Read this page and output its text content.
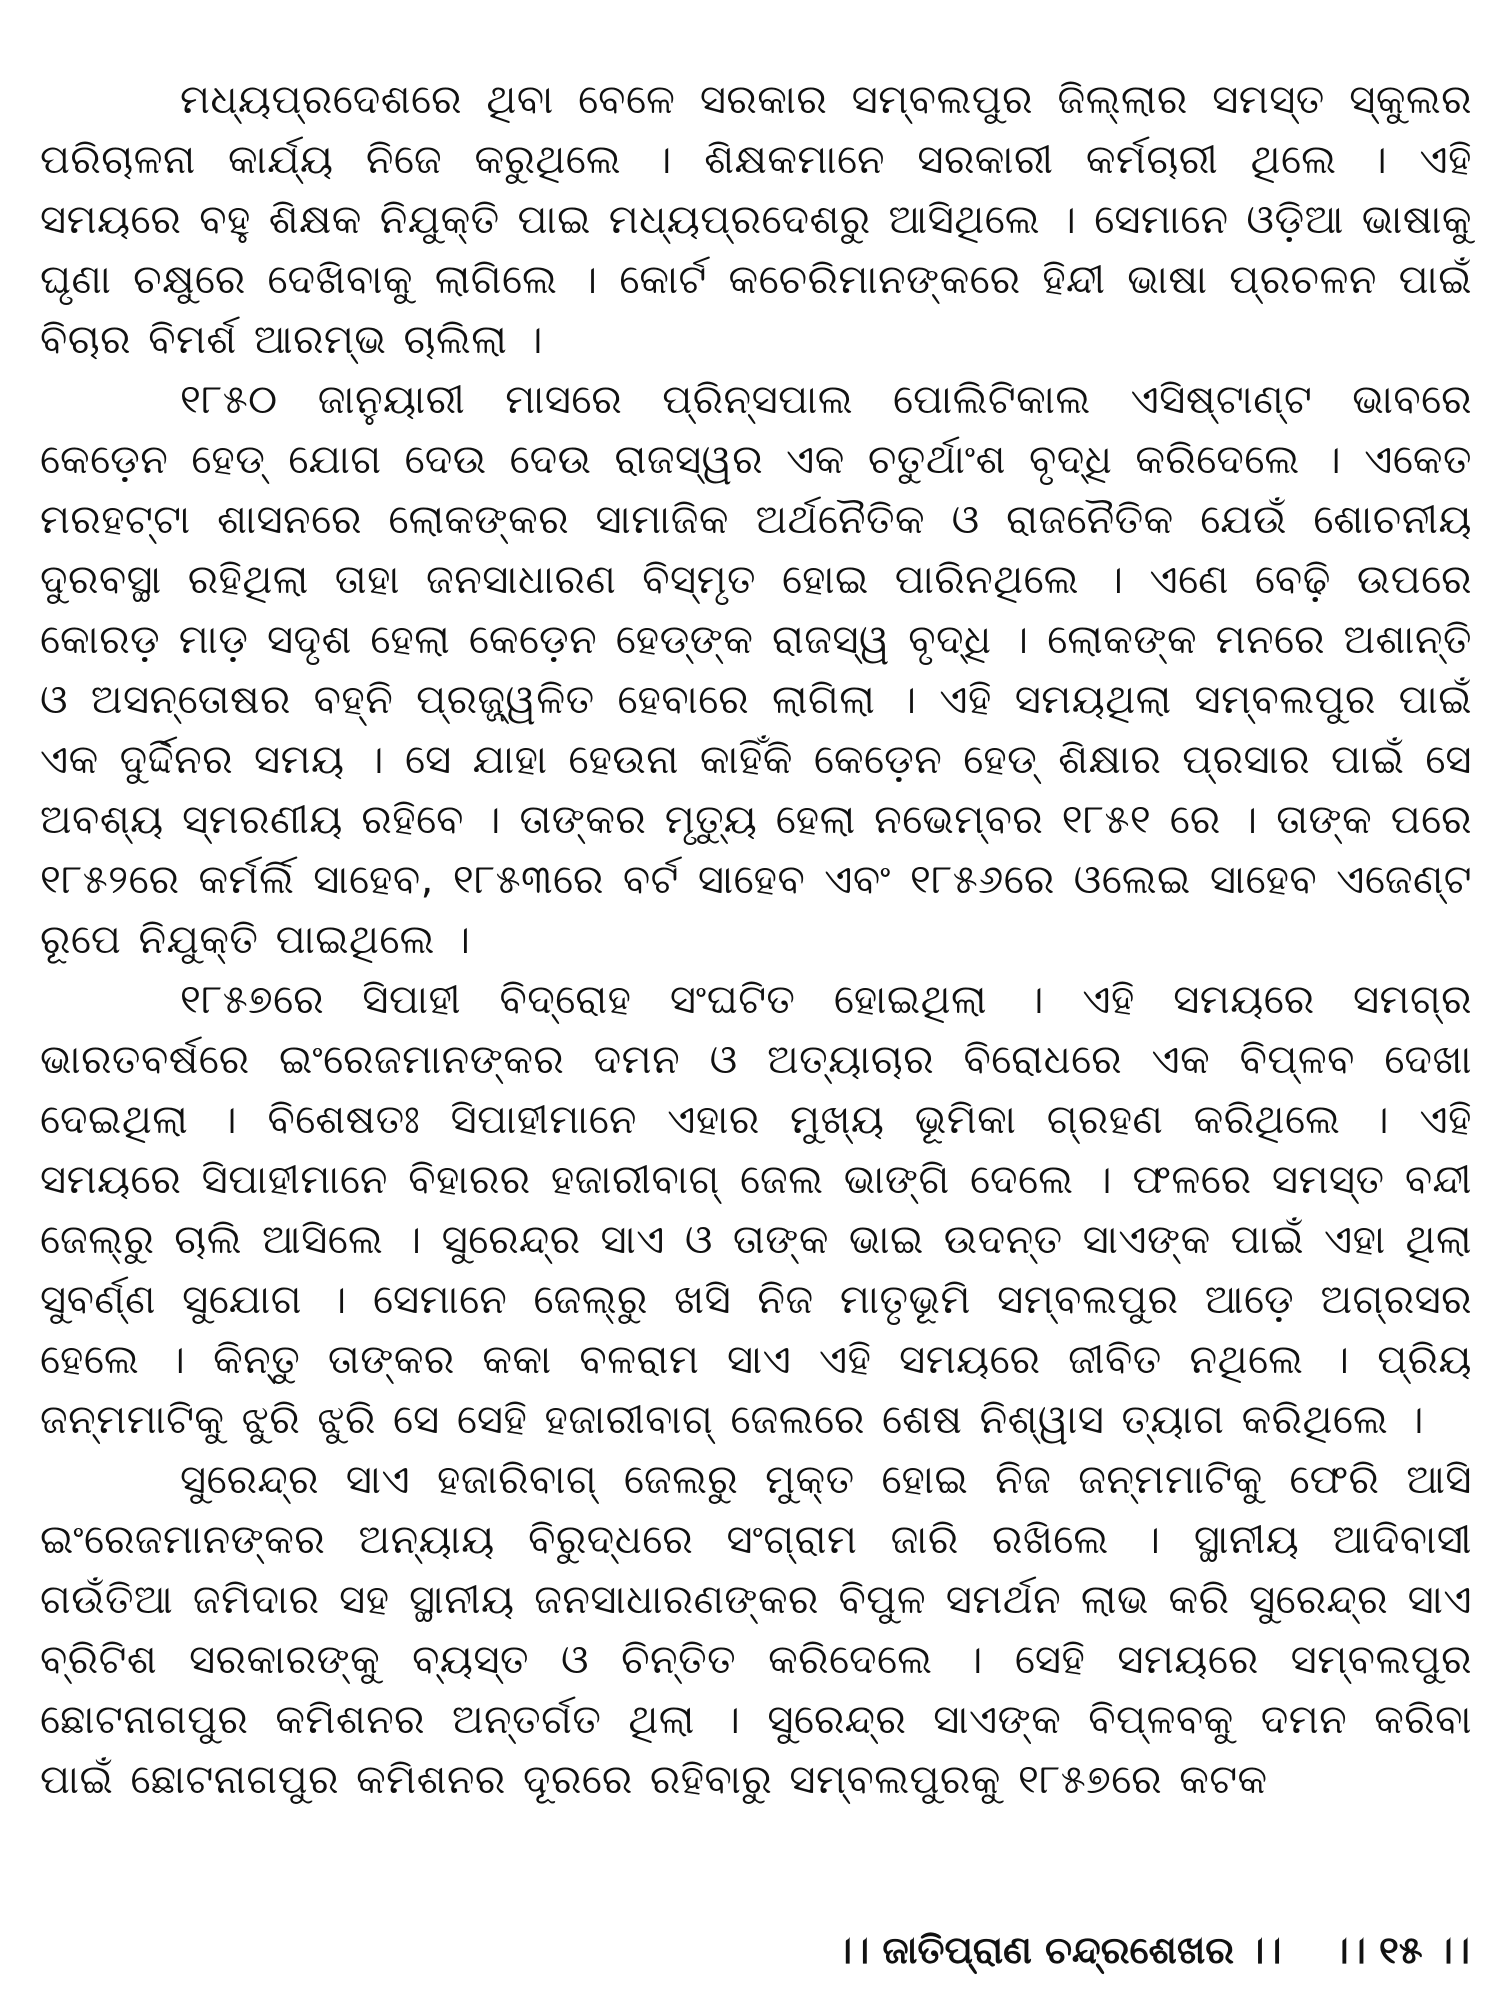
ମଧ୍ୟପ୍ରଦେଶରେ ଥିବା ବେଳେ ସରକାର ସମ୍ବଲପୁର ଜିଲ୍ଲାର ସମସ୍ତ ସ୍କୁଲର ପରିଚାଳନା କାର୍ଯ୍ୟ ନିଜେ କରୁଥିଲେ । ଶିକ୍ଷକମାନେ ସରକାରୀ କର୍ମଚାରୀ ଥିଲେ । ଏହି ସମୟରେ ବହୁ ଶିକ୍ଷକ ନିଯୁକ୍ତି ପାଇ ମଧ୍ୟପ୍ରଦେଶରୁ ଆସିଥିଲେ । ସେମାନେ ଓଡ଼ିଆ ଭାଷାକୁ ଘୃଣା ଚକ୍ଷୁରେ ଦେଖିବାକୁ ଲାଗିଲେ । କୋର୍ଟ କଚେରିମାନଙ୍କରେ ହିନ୍ଦୀ ଭାଷା ପ୍ରଚଳନ ପାଇଁ ବିଚାର ବିମର୍ଶ ଆରମ୍ଭ ଚାଲିଲା ।

୧୮୫୦ ଜାନୁୟାରୀ ମାସରେ ପ୍ରିନ୍‌ସପାଲ ପୋଲିଟିକାଲ ଏସିଷ୍ଟାଣ୍ଟ ଭାବରେ କେଡ଼େନ ହେଡ୍ ଯୋଗ ଦେଉ ଦେଉ ରାଜସ୍ୱର ଏକ ଚତୁର୍ଥାଂଶ ବୃଦ୍ଧି କରିଦେଲେ । ଏକେତ ମରହଟ୍ଟା ଶାସନରେ ଲୋକଙ୍କର ସାମାଜିକ ଅର୍ଥନୈତିକ ଓ ରାଜନୈତିକ ଯେଉଁ ଶୋଚନୀୟ ଦୁରବସ୍ଥା ରହିଥିଲା ତାହା ଜନସାଧାରଣ ବିସ୍ମୃତ ହୋଇ ପାରିନଥିଲେ । ଏଣେ ବେଢ଼ି ଉପରେ କୋରଡ଼ ମାଡ଼ ସଦୃଶ ହେଲା କେଡ଼େନ ହେଡ୍‌ଙ୍କ ରାଜସ୍ୱ ବୃଦ୍ଧି । ଲୋକଙ୍କ ମନରେ ଅଶାନ୍ତି ଓ ଅସନ୍ତୋଷର ବହ୍ନି ପ୍ରଜ୍ଜ୍ୱଳିତ ହେବାରେ ଲାଗିଲା । ଏହି ସମୟଥିଲା ସମ୍ବଲପୁର ପାଇଁ ଏକ ଦୁର୍ଦ୍ଦିନର ସମୟ । ସେ ଯାହା ହେଉନା କାହିଁକି କେଡ଼େନ ହେଡ୍ ଶିକ୍ଷାର ପ୍ରସାର ପାଇଁ ସେ ଅବଶ୍ୟ ସ୍ମରଣୀୟ ରହିବେ । ତାଙ୍କର ମୃତ୍ୟୁ ହେଲା ନଭେମ୍ବର ୧୮୫୧ ରେ । ତାଙ୍କ ପରେ ୧୮୫୨ରେ କର୍ମର୍ଲି ସାହେବ, ୧୮୫୩ରେ ବର୍ଟ ସାହେବ ଏବଂ ୧୮୫୬ରେ ଓଲେଇ ସାହେବ ଏଜେଣ୍ଟ ରୂପେ ନିଯୁକ୍ତି ପାଇଥିଲେ ।

୧୮୫୭ରେ ସିପାହୀ ବିଦ୍ରୋହ ସଂଘଟିତ ହୋଇଥିଲା । ଏହି ସମୟରେ ସମଗ୍ର ଭାରତବର୍ଷରେ ଇଂରେଜମାନଙ୍କର ଦମନ ଓ ଅତ୍ୟାଚାର ବିରୋଧରେ ଏକ ବିପ୍ଳବ ଦେଖା ଦେଇଥିଲା । ବିଶେଷତଃ ସିପାହୀମାନେ ଏହାର ମୁଖ୍ୟ ଭୂମିକା ଗ୍ରହଣ କରିଥିଲେ । ଏହି ସମୟରେ ସିପାହୀମାନେ ବିହାରର ହଜାରୀବାଗ୍ ଜେଲ ଭାଙ୍ଗି ଦେଲେ । ଫଳରେ ସମସ୍ତ ବନ୍ଦୀ ଜେଲ୍‌ରୁ ଚାଲି ଆସିଲେ । ସୁରେନ୍ଦ୍ର ସାଏ ଓ ତାଙ୍କ ଭାଇ ଉଦନ୍ତ ସାଏଙ୍କ ପାଇଁ ଏହା ଥିଲା ସୁବର୍ଣ୍ଣ ସୁଯୋଗ । ସେମାନେ ଜେଲ୍‌ରୁ ଖସି ନିଜ ମାତୃଭୂମି ସମ୍ବଲପୁର ଆଡ଼େ ଅଗ୍ରସର ହେଲେ । କିନ୍ତୁ ତାଙ୍କର କକା ବଳରାମ ସାଏ ଏହି ସମୟରେ ଜୀବିତ ନଥିଲେ । ପ୍ରିୟ ଜନ୍ମମାଟିକୁ ଝୁରି ଝୁରି ସେ ସେହି ହଜାରୀବାଗ୍ ଜେଲରେ ଶେଷ ନିଶ୍ୱାସ ତ୍ୟାଗ କରିଥିଲେ ।

ସୁରେନ୍ଦ୍ର ସାଏ ହଜାରିବାଗ୍ ଜେଲରୁ ମୁକ୍ତ ହୋଇ ନିଜ ଜନ୍ମମାଟିକୁ ଫେରି ଆସି ଇଂରେଜମାନଙ୍କର ଅନ୍ୟାୟ ବିରୁଦ୍ଧରେ ସଂଗ୍ରାମ ଜାରି ରଖିଲେ । ସ୍ଥାନୀୟ ଆଦିବାସୀ ଗଉଁତିଆ ଜମିଦାର ସହ ସ୍ଥାନୀୟ ଜନସାଧାରଣଙ୍କର ବିପୁଳ ସମର୍ଥନ ଲାଭ କରି ସୁରେନ୍ଦ୍ର ସାଏ ବ୍ରିଟିଶ ସରକାରଙ୍କୁ ବ୍ୟସ୍ତ ଓ ଚିନ୍ତିତ କରିଦେଲେ । ସେହି ସମୟରେ ସମ୍ବଲପୁର ଛୋଟନାଗପୁର କମିଶନର ଅନ୍ତର୍ଗତ ଥିଲା । ସୁରେନ୍ଦ୍ର ସାଏଙ୍କ ବିପ୍ଳବକୁ ଦମନ କରିବା ପାଇଁ ଛୋଟନାଗପୁର କମିଶନର ଦୂରରେ ରହିବାରୁ ସମ୍ବଲପୁରକୁ ୧୮୫୭ରେ କଟକ

।। ଜାତିପ୍ରାଣ ଚନ୍ଦ୍ରଶେଖର ।। ।। ୧୫ ।।
